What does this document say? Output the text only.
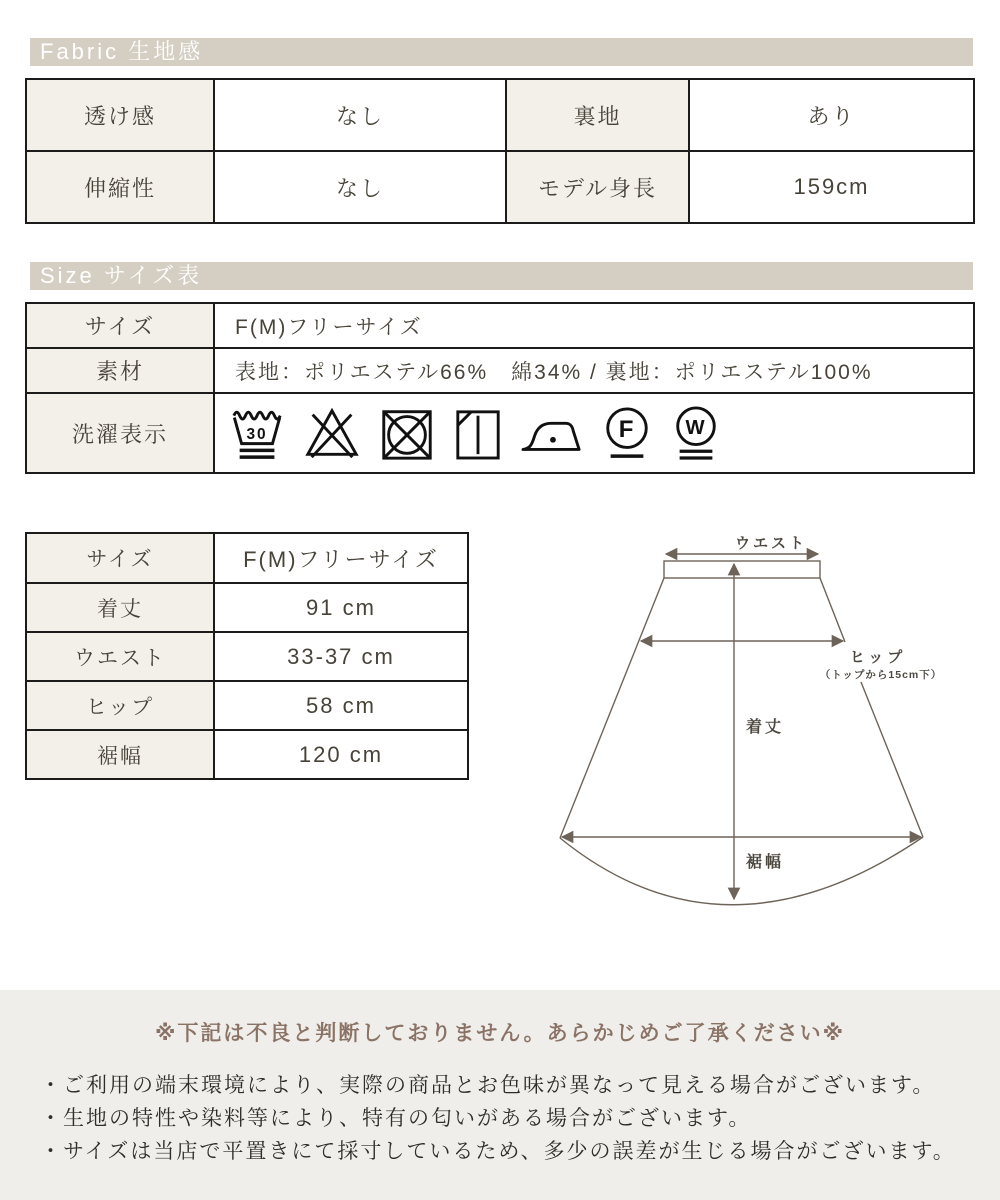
Fabric 生地感
透け感	なし	裏地	あり
伸縮性	なし	モデル身長	159cm
Size サイズ表
サイズ	F(M)フリーサイズ
素材	表地：ポリエステル66%　綿34% / 裏地：ポリエステル100%
洗濯表示	30 F W
サイズ	F(M)フリーサイズ
着丈	91 cm
ウエスト	33-37 cm
ヒップ	58 cm
裾幅	120 cm
ウエスト
ヒップ
（トップから15cm下）
着丈
裾幅
※下記は不良と判断しておりません。あらかじめご了承ください※
・ご利用の端末環境により、実際の商品とお色味が異なって見える場合がございます。
・生地の特性や染料等により、特有の匂いがある場合がございます。
・サイズは当店で平置きにて採寸しているため、多少の誤差が生じる場合がございます。
